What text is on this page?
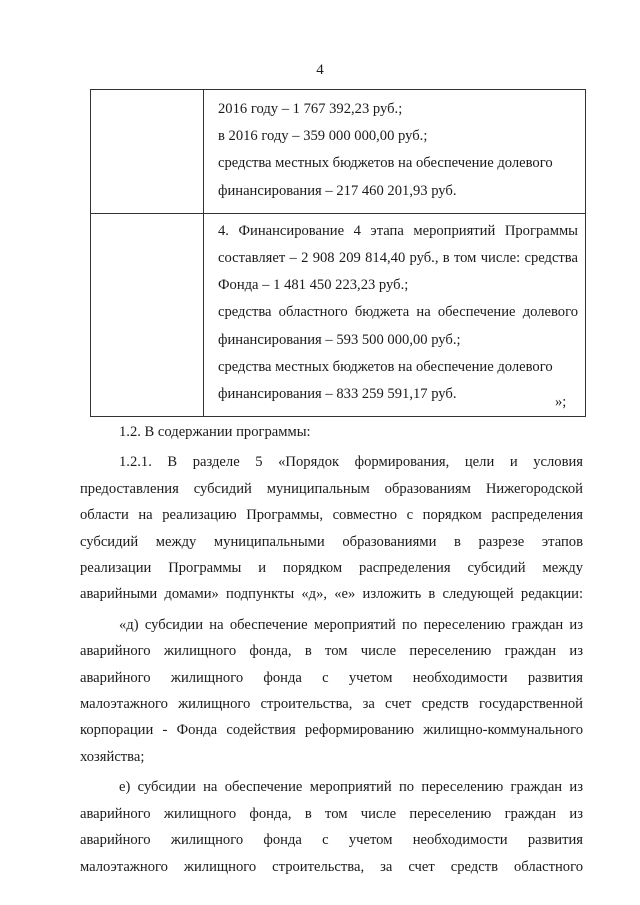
4
2016 году – 1 767 392,23 руб.;
в 2016 году – 359 000 000,00 руб.;
средства местных бюджетов на обеспечение долевого
финансирования – 217 460 201,93 руб.
4. Финансирование 4 этапа мероприятий Программы
составляет – 2 908 209 814,40 руб., в том числе: средства
Фонда – 1 481 450 223,23 руб.;
средства областного бюджета на обеспечение долевого
финансирования – 593 500 000,00 руб.;
средства местных бюджетов на обеспечение долевого
финансирования – 833 259 591,17 руб.	»;
1.2. В содержании программы:
1.2.1. В разделе 5 «Порядок формирования, цели и условия
предоставления субсидий муниципальным образованиям Нижегородской
области на реализацию Программы, совместно с порядком распределения
субсидий между муниципальными образованиями в разрезе этапов
реализации Программы и порядком распределения субсидий между
аварийными домами» подпункты «д», «е» изложить в следующей редакции:
«д) субсидии на обеспечение мероприятий по переселению граждан из
аварийного жилищного фонда, в том числе переселению граждан из
аварийного жилищного фонда с учетом необходимости развития
малоэтажного жилищного строительства, за счет средств государственной
корпорации - Фонда содействия реформированию жилищно-коммунального
хозяйства;
е) субсидии на обеспечение мероприятий по переселению граждан из
аварийного жилищного фонда, в том числе переселению граждан из
аварийного жилищного фонда с учетом необходимости развития
малоэтажного жилищного строительства, за счет средств областного
